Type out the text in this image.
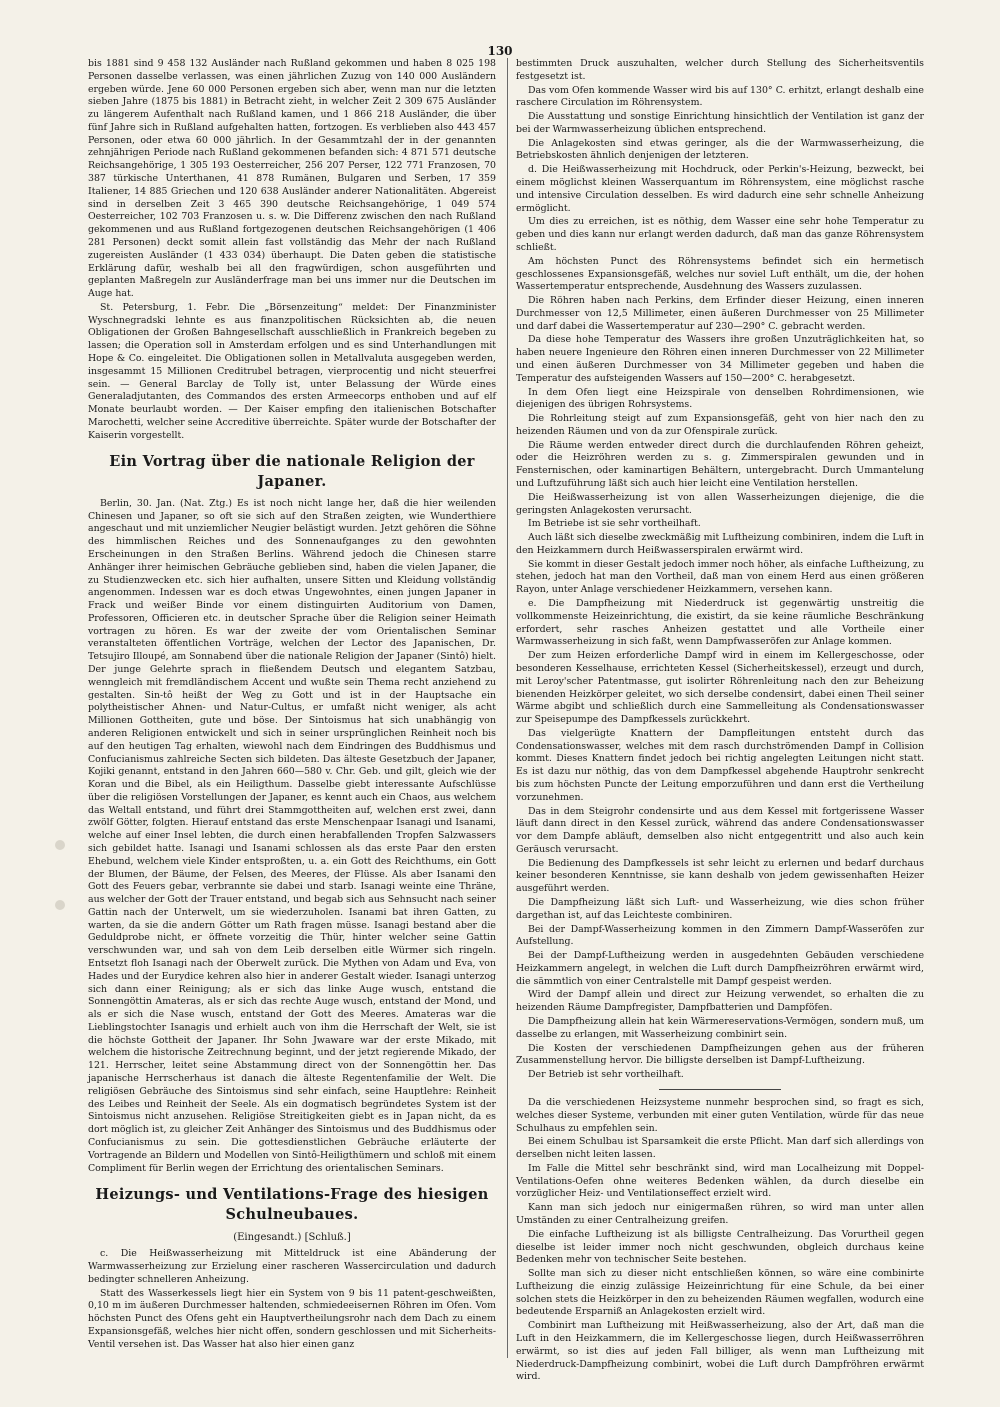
130

bis 1881 sind 9 458 132 Ausländer nach Rußland gekommen und haben 8 025 198 Personen dasselbe verlassen, was einen jährlichen Zuzug von 140 000 Ausländern ergeben würde. Jene 60 000 Personen ergeben sich aber, wenn man nur die letzten sieben Jahre (1875 bis 1881) in Betracht zieht, in welcher Zeit 2 309 675 Ausländer zu längerem Aufenthalt nach Rußland kamen, und 1 866 218 Ausländer, die über fünf Jahre sich in Rußland aufgehalten hatten, fortzogen. Es verblieben also 443 457 Personen, oder etwa 60 000 jährlich. In der Gesammtzahl der in der genannten zehnjährigen Periode nach Rußland gekommenen befanden sich: 4 871 571 deutsche Reichsangehörige, 1 305 193 Oesterreicher, 256 207 Perser, 122 771 Franzosen, 70 387 türkische Unterthanen, 41 878 Rumänen, Bulgaren und Serben, 17 359 Italiener, 14 885 Griechen und 120 638 Ausländer anderer Nationalitäten. Abgereist sind in derselben Zeit 3 465 390 deutsche Reichsangehörige, 1 049 574 Oesterreicher, 102 703 Franzosen u. s. w. Die Differenz zwischen den nach Rußland gekommenen und aus Rußland fortgezogenen deutschen Reichsangehörigen (1 406 281 Personen) deckt somit allein fast vollständig das Mehr der nach Rußland zugereisten Ausländer (1 433 034) überhaupt. Die Daten geben die statistische Erklärung dafür, weshalb bei all den fragwürdigen, schon ausgeführten und geplanten Maßregeln zur Ausländerfrage man bei uns immer nur die Deutschen im Auge hat.

St. Petersburg, 1. Febr. Die „Börsenzeitung“ meldet: Der Finanzminister Wyschnegradski lehnte es aus finanzpolitischen Rücksichten ab, die neuen Obligationen der Großen Bahngesellschaft ausschließlich in Frankreich begeben zu lassen; die Operation soll in Amsterdam erfolgen und es sind Unterhandlungen mit Hope & Co. eingeleitet. Die Obligationen sollen in Metallvaluta ausgegeben werden, insgesammt 15 Millionen Creditrubel betragen, vierprocentig und nicht steuerfrei sein. — General Barclay de Tolly ist, unter Belassung der Würde eines Generaladjutanten, des Commandos des ersten Armeecorps enthoben und auf elf Monate beurlaubt worden. — Der Kaiser empfing den italienischen Botschafter Marochetti, welcher seine Accreditive überreichte. Später wurde der Botschafter der Kaiserin vorgestellt.

Ein Vortrag über die nationale Religion der Japaner.

Berlin, 30. Jan. (Nat. Ztg.) Es ist noch nicht lange her, daß die hier weilenden Chinesen und Japaner, so oft sie sich auf den Straßen zeigten, wie Wunderthiere angeschaut und mit unziemlicher Neugier belästigt wurden. Jetzt gehören die Söhne des himmlischen Reiches und des Sonnenaufganges zu den gewohnten Erscheinungen in den Straßen Berlins. Während jedoch die Chinesen starre Anhänger ihrer heimischen Gebräuche geblieben sind, haben die vielen Japaner, die zu Studienzwecken etc. sich hier aufhalten, unsere Sitten und Kleidung vollständig angenommen. Indessen war es doch etwas Ungewohntes, einen jungen Japaner in Frack und weißer Binde vor einem distinguirten Auditorium von Damen, Professoren, Officieren etc. in deutscher Sprache über die Religion seiner Heimath vortragen zu hören. Es war der zweite der vom Orientalischen Seminar veranstalteten öffentlichen Vorträge, welchen der Lector des Japanischen, Dr. Tetsujiro Illoupé, am Sonnabend über die nationale Religion der Japaner (Sintô) hielt. Der junge Gelehrte sprach in fließendem Deutsch und elegantem Satzbau, wenngleich mit fremdländischem Accent und wußte sein Thema recht anziehend zu gestalten. Sin-tô heißt der Weg zu Gott und ist in der Hauptsache ein polytheistischer Ahnen- und Natur-Cultus, er umfaßt nicht weniger, als acht Millionen Gottheiten, gute und böse. Der Sintoismus hat sich unabhängig von anderen Religionen entwickelt und sich in seiner ursprünglichen Reinheit noch bis auf den heutigen Tag erhalten, wiewohl nach dem Eindringen des Buddhismus und Confucianismus zahlreiche Secten sich bildeten. Das älteste Gesetzbuch der Japaner, Kojiki genannt, entstand in den Jahren 660—580 v. Chr. Geb. und gilt, gleich wie der Koran und die Bibel, als ein Heiligthum. Dasselbe giebt interessante Aufschlüsse über die religiösen Vorstellungen der Japaner, es kennt auch ein Chaos, aus welchem das Weltall entstand, und führt drei Stammgottheiten auf, welchen erst zwei, dann zwölf Götter, folgten. Hierauf entstand das erste Menschenpaar Isanagi und Isanami, welche auf einer Insel lebten, die durch einen herabfallenden Tropfen Salzwassers sich gebildet hatte. Isanagi und Isanami schlossen als das erste Paar den ersten Ehebund, welchem viele Kinder entsproßten, u. a. ein Gott des Reichthums, ein Gott der Blumen, der Bäume, der Felsen, des Meeres, der Flüsse. Als aber Isanami den Gott des Feuers gebar, verbrannte sie dabei und starb. Isanagi weinte eine Thräne, aus welcher der Gott der Trauer entstand, und begab sich aus Sehnsucht nach seiner Gattin nach der Unterwelt, um sie wiederzuholen. Isanami bat ihren Gatten, zu warten, da sie die andern Götter um Rath fragen müsse. Isanagi bestand aber die Geduldprobe nicht, er öffnete vorzeitig die Thür, hinter welcher seine Gattin verschwunden war, und sah von dem Leib derselben eitle Würmer sich ringeln. Entsetzt floh Isanagi nach der Oberwelt zurück. Die Mythen von Adam und Eva, von Hades und der Eurydice kehren also hier in anderer Gestalt wieder. Isanagi unterzog sich dann einer Reinigung; als er sich das linke Auge wusch, entstand die Sonnengöttin Amateras, als er sich das rechte Auge wusch, entstand der Mond, und als er sich die Nase wusch, entstand der Gott des Meeres. Amateras war die Lieblingstochter Isanagis und erhielt auch von ihm die Herrschaft der Welt, sie ist die höchste Gottheit der Japaner. Ihr Sohn Jwaware war der erste Mikado, mit welchem die historische Zeitrechnung beginnt, und der jetzt regierende Mikado, der 121. Herrscher, leitet seine Abstammung direct von der Sonnengöttin her. Das japanische Herrscherhaus ist danach die älteste Regentenfamilie der Welt. Die religiösen Gebräuche des Sintoismus sind sehr einfach, seine Hauptlehre: Reinheit des Leibes und Reinheit der Seele. Als ein dogmatisch begründetes System ist der Sintoismus nicht anzusehen. Religiöse Streitigkeiten giebt es in Japan nicht, da es dort möglich ist, zu gleicher Zeit Anhänger des Sintoismus und des Buddhismus oder Confucianismus zu sein. Die gottesdienstlichen Gebräuche erläuterte der Vortragende an Bildern und Modellen von Sintô-Heiligthümern und schloß mit einem Compliment für Berlin wegen der Errichtung des orientalischen Seminars.

Heizungs- und Ventilations-Frage des hiesigen Schulneubaues.
(Eingesandt.) [Schluß.]

c. Die Heißwasserheizung mit Mitteldruck ist eine Abänderung der Warmwasserheizung zur Erzielung einer rascheren Wassercirculation und dadurch bedingter schnelleren Anheizung.

Statt des Wasserkessels liegt hier ein System von 9 bis 11 patent-geschweißten, 0,10 m im äußeren Durchmesser haltenden, schmiedeeisernen Röhren im Ofen. Vom höchsten Punct des Ofens geht ein Hauptvertheilungsrohr nach dem Dach zu einem Expansionsgefäß, welches hier nicht offen, sondern geschlossen und mit Sicherheits-Ventil versehen ist. Das Wasser hat also hier einen ganz

bestimmten Druck auszuhalten, welcher durch Stellung des Sicherheitsventils festgesetzt ist.

Das vom Ofen kommende Wasser wird bis auf 130° C. erhitzt, erlangt deshalb eine raschere Circulation im Röhrensystem.

Die Ausstattung und sonstige Einrichtung hinsichtlich der Ventilation ist ganz der bei der Warmwasserheizung üblichen entsprechend.

Die Anlagekosten sind etwas geringer, als die der Warmwasserheizung, die Betriebskosten ähnlich denjenigen der letzteren.

d. Die Heißwasserheizung mit Hochdruck, oder Perkin's-Heizung, bezweckt, bei einem möglichst kleinen Wasserquantum im Röhrensystem, eine möglichst rasche und intensive Circulation desselben. Es wird dadurch eine sehr schnelle Anheizung ermöglicht.

Um dies zu erreichen, ist es nöthig, dem Wasser eine sehr hohe Temperatur zu geben und dies kann nur erlangt werden dadurch, daß man das ganze Röhrensystem schließt.

Am höchsten Punct des Röhrensystems befindet sich ein hermetisch geschlossenes Expansionsgefäß, welches nur soviel Luft enthält, um die, der hohen Wassertemperatur entsprechende, Ausdehnung des Wassers zuzulassen.

Die Röhren haben nach Perkins, dem Erfinder dieser Heizung, einen inneren Durchmesser von 12,5 Millimeter, einen äußeren Durchmesser von 25 Millimeter und darf dabei die Wassertemperatur auf 230—290° C. gebracht werden.

Da diese hohe Temperatur des Wassers ihre großen Unzuträglichkeiten hat, so haben neuere Ingenieure den Röhren einen inneren Durchmesser von 22 Millimeter und einen äußeren Durchmesser von 34 Millimeter gegeben und haben die Temperatur des aufsteigenden Wassers auf 150—200° C. herabgesetzt.

In dem Ofen liegt eine Heizspirale von denselben Rohrdimensionen, wie diejenigen des übrigen Rohrsystems.

Die Rohrleitung steigt auf zum Expansionsgefäß, geht von hier nach den zu heizenden Räumen und von da zur Ofenspirale zurück.

Die Räume werden entweder direct durch die durchlaufenden Röhren geheizt, oder die Heizröhren werden zu s. g. Zimmerspiralen gewunden und in Fensternischen, oder kaminartigen Behältern, untergebracht. Durch Ummantelung und Luftzuführung läßt sich auch hier leicht eine Ventilation herstellen.

Die Heißwasserheizung ist von allen Wasserheizungen diejenige, die die geringsten Anlagekosten verursacht.

Im Betriebe ist sie sehr vortheilhaft.

Auch läßt sich dieselbe zweckmäßig mit Luftheizung combiniren, indem die Luft in den Heizkammern durch Heißwasserspiralen erwärmt wird.

Sie kommt in dieser Gestalt jedoch immer noch höher, als einfache Luftheizung, zu stehen, jedoch hat man den Vortheil, daß man von einem Herd aus einen größeren Rayon, unter Anlage verschiedener Heizkammern, versehen kann.

e. Die Dampfheizung mit Niederdruck ist gegenwärtig unstreitig die vollkommenste Heizeinrichtung, die existirt, da sie keine räumliche Beschränkung erfordert, sehr rasches Anheizen gestattet und alle Vortheile einer Warmwasserheizung in sich faßt, wenn Dampfwasseröfen zur Anlage kommen.

Der zum Heizen erforderliche Dampf wird in einem im Kellergeschosse, oder besonderen Kesselhause, errichteten Kessel (Sicherheitskessel), erzeugt und durch, mit Leroy'scher Patentmasse, gut isolirter Röhrenleitung nach den zur Beheizung bienenden Heizkörper geleitet, wo sich derselbe condensirt, dabei einen Theil seiner Wärme abgibt und schließlich durch eine Sammelleitung als Condensationswasser zur Speisepumpe des Dampfkessels zurückkehrt.

Das vielgerügte Knattern der Dampfleitungen entsteht durch das Condensationswasser, welches mit dem rasch durchströmenden Dampf in Collision kommt. Dieses Knattern findet jedoch bei richtig angelegten Leitungen nicht statt. Es ist dazu nur nöthig, das von dem Dampfkessel abgehende Hauptrohr senkrecht bis zum höchsten Puncte der Leitung emporzuführen und dann erst die Vertheilung vorzunehmen.

Das in dem Steigrohr condensirte und aus dem Kessel mit fortgerissene Wasser läuft dann direct in den Kessel zurück, während das andere Condensationswasser vor dem Dampfe abläuft, demselben also nicht entgegentritt und also auch kein Geräusch verursacht.

Die Bedienung des Dampfkessels ist sehr leicht zu erlernen und bedarf durchaus keiner besonderen Kenntnisse, sie kann deshalb von jedem gewissenhaften Heizer ausgeführt werden.

Die Dampfheizung läßt sich Luft- und Wasserheizung, wie dies schon früher dargethan ist, auf das Leichteste combiniren.

Bei der Dampf-Wasserheizung kommen in den Zimmern Dampf-Wasseröfen zur Aufstellung.

Bei der Dampf-Luftheizung werden in ausgedehnten Gebäuden verschiedene Heizkammern angelegt, in welchen die Luft durch Dampfheizröhren erwärmt wird, die sämmtlich von einer Centralstelle mit Dampf gespeist werden.

Wird der Dampf allein und direct zur Heizung verwendet, so erhalten die zu heizenden Räume Dampfregister, Dampfbatterien und Dampföfen.

Die Dampfheizung allein hat kein Wärmereservations-Vermögen, sondern muß, um dasselbe zu erlangen, mit Wasserheizung combinirt sein.

Die Kosten der verschiedenen Dampfheizungen gehen aus der früheren Zusammenstellung hervor. Die billigste derselben ist Dampf-Luftheizung.

Der Betrieb ist sehr vortheilhaft.

Da die verschiedenen Heizsysteme nunmehr besprochen sind, so fragt es sich, welches dieser Systeme, verbunden mit einer guten Ventilation, würde für das neue Schulhaus zu empfehlen sein.

Bei einem Schulbau ist Sparsamkeit die erste Pflicht. Man darf sich allerdings von derselben nicht leiten lassen.

Im Falle die Mittel sehr beschränkt sind, wird man Localheizung mit Doppel-Ventilations-Oefen ohne weiteres Bedenken wählen, da durch dieselbe ein vorzüglicher Heiz- und Ventilationseffect erzielt wird.

Kann man sich jedoch nur einigermaßen rühren, so wird man unter allen Umständen zu einer Centralheizung greifen.

Die einfache Luftheizung ist als billigste Centralheizung. Das Vorurtheil gegen dieselbe ist leider immer noch nicht geschwunden, obgleich durchaus keine Bedenken mehr von technischer Seite bestehen.

Sollte man sich zu dieser nicht entschließen können, so wäre eine combinirte Luftheizung die einzig zulässige Heizeinrichtung für eine Schule, da bei einer solchen stets die Heizkörper in den zu beheizenden Räumen wegfallen, wodurch eine bedeutende Ersparniß an Anlagekosten erzielt wird.

Combinirt man Luftheizung mit Heißwasserheizung, also der Art, daß man die Luft in den Heizkammern, die im Kellergeschosse liegen, durch Heißwasserröhren erwärmt, so ist dies auf jeden Fall billiger, als wenn man Luftheizung mit Niederdruck-Dampfheizung combinirt, wobei die Luft durch Dampfröhren erwärmt wird.
